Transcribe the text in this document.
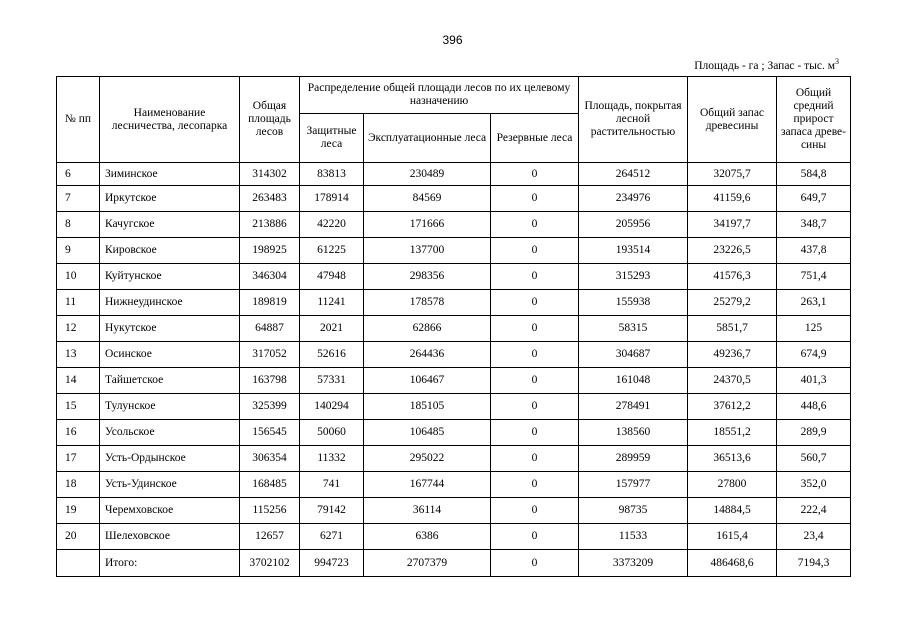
396
Площадь - га ; Запас - тыс. $м^3$
№ пп	Наименование лесничества, лесопарка	Общая площадь лесов	Распределение общей площади лесов по их целевому назначению			Площадь, покрытая лесной растительностью	Общий запас древесины	Общий средний прирост запаса древе-сины
			Защитные леса	Эксплуатационные леса	Резервные леса			
6	Зиминское	314302	83813	230489	0	264512	32075,7	584,8
7	Иркутское	263483	178914	84569	0	234976	41159,6	649,7
8	Качугское	213886	42220	171666	0	205956	34197,7	348,7
9	Кировское	198925	61225	137700	0	193514	23226,5	437,8
10	Куйтунское	346304	47948	298356	0	315293	41576,3	751,4
11	Нижнеудинское	189819	11241	178578	0	155938	25279,2	263,1
12	Нукутское	64887	2021	62866	0	58315	5851,7	125
13	Осинское	317052	52616	264436	0	304687	49236,7	674,9
14	Тайшетское	163798	57331	106467	0	161048	24370,5	401,3
15	Тулунское	325399	140294	185105	0	278491	37612,2	448,6
16	Усольское	156545	50060	106485	0	138560	18551,2	289,9
17	Усть-Ордынское	306354	11332	295022	0	289959	36513,6	560,7
18	Усть-Удинское	168485	741	167744	0	157977	27800	352,0
19	Черемховское	115256	79142	36114	0	98735	14884,5	222,4
20	Шелеховское	12657	6271	6386	0	11533	1615,4	23,4
	Итого:	3702102	994723	2707379	0	3373209	486468,6	7194,3
